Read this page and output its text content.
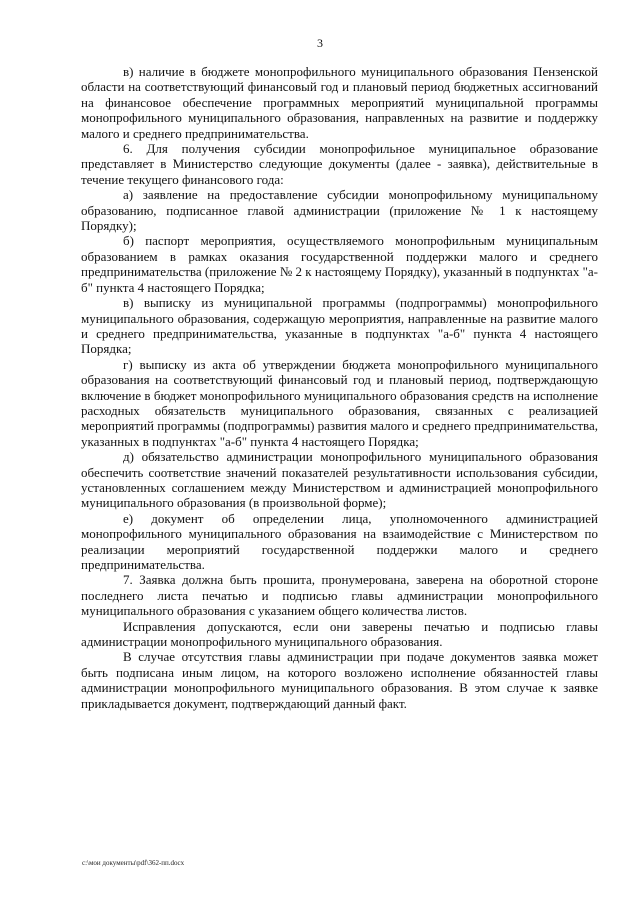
3

в) наличие в бюджете монопрофильного муниципального образования Пензенской области на соответствующий финансовый год и плановый период бюджетных ассигнований на финансовое обеспечение программных мероприятий муниципальной программы монопрофильного муниципального образования, направленных на развитие и поддержку малого и среднего предпринимательства.

6. Для получения субсидии монопрофильное муниципальное образование представляет в Министерство следующие документы (далее - заявка), действительные в течение текущего финансового года:

а) заявление на предоставление субсидии монопрофильному муниципальному образованию, подписанное главой администрации (приложение № 1 к настоящему Порядку);

б) паспорт мероприятия, осуществляемого монопрофильным муниципальным образованием в рамках оказания государственной поддержки малого и среднего предпринимательства (приложение № 2 к настоящему Порядку), указанный в подпунктах "а-б" пункта 4 настоящего Порядка;

в) выписку из муниципальной программы (подпрограммы) монопрофильного муниципального образования, содержащую мероприятия, направленные на развитие малого и среднего предпринимательства, указанные в подпунктах "а-б" пункта 4 настоящего Порядка;

г) выписку из акта об утверждении бюджета монопрофильного муниципального образования на соответствующий финансовый год и плановый период, подтверждающую включение в бюджет монопрофильного муниципального образования средств на исполнение расходных обязательств муниципального образования, связанных с реализацией мероприятий программы (подпрограммы) развития малого и среднего предпринимательства, указанных в подпунктах "а-б" пункта 4 настоящего Порядка;

д) обязательство администрации монопрофильного муниципального образования обеспечить соответствие значений показателей результативности использования субсидии, установленных соглашением между Министерством и администрацией монопрофильного муниципального образования (в произвольной форме);

е) документ об определении лица, уполномоченного администрацией монопрофильного муниципального образования на взаимодействие с Министерством по реализации мероприятий государственной поддержки малого и среднего предпринимательства.

7. Заявка должна быть прошита, пронумерована, заверена на оборотной стороне последнего листа печатью и подписью главы администрации монопрофильного муниципального образования с указанием общего количества листов.

Исправления допускаются, если они заверены печатью и подписью главы администрации монопрофильного муниципального образования.

В случае отсутствия главы администрации при подаче документов заявка может быть подписана иным лицом, на которого возложено исполнение обязанностей главы администрации монопрофильного муниципального образования. В этом случае к заявке прикладывается документ, подтверждающий данный факт.

c:\мои документы\pdf\362-пп.docx
